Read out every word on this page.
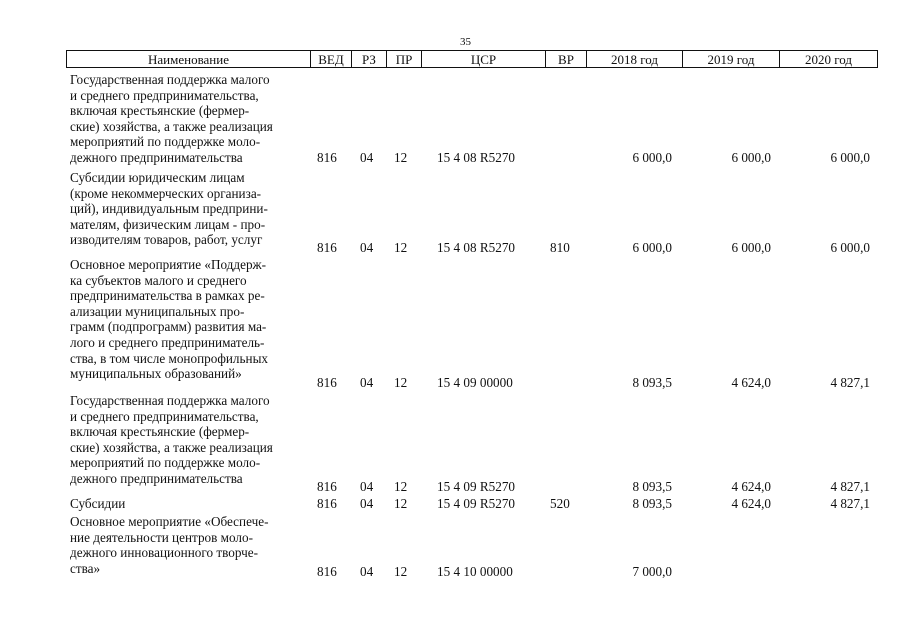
35
Наименование	ВЕД	РЗ	ПР	ЦСР	ВР	2018 год	2019 год	2020 год
Государственная поддержка малого
и среднего предпринимательства,
включая крестьянские (фермер-
ские) хозяйства, а также реализация
мероприятий по поддержке моло-
дежного предпринимательства	816 04 12 15 4 08 R5270	6 000,0	6 000,0	6 000,0
Субсидии юридическим лицам
(кроме некоммерческих организа-
ций), индивидуальным предприни-
мателям, физическим лицам - про-
изводителям товаров, работ, услуг
816 04 12 15 4 08 R5270	810	6 000,0	6 000,0	6 000,0
Основное мероприятие «Поддерж-
ка субъектов малого и среднего
предпринимательства в рамках ре-
ализации муниципальных про-
грамм (подпрограмм) развития ма-
лого и среднего предприниматель-
ства, в том числе монопрофильных
муниципальных образований»
816 04 12 15 4 09 00000	8 093,5	4 624,0	4 827,1
Государственная поддержка малого
и среднего предпринимательства,
включая крестьянские (фермер-
ские) хозяйства, а также реализация
мероприятий по поддержке моло-
дежного предпринимательства
816 04 12 15 4 09 R5270	8 093,5	4 624,0	4 827,1
Субсидии	816 04 12 15 4 09 R5270	520	8 093,5	4 624,0	4 827,1
Основное мероприятие «Обеспече-
ние деятельности центров моло-
дежного инновационного творче-
ства»	816 04 12 15 4 10 00000	7 000,0
